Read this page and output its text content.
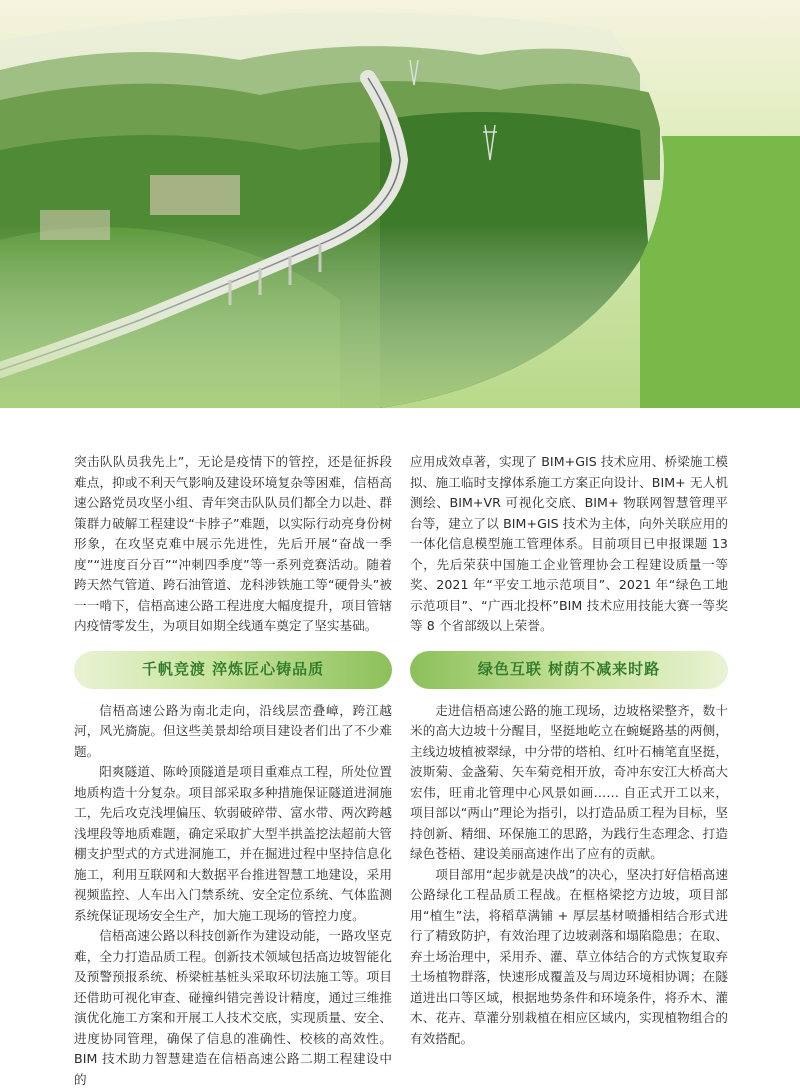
突击队队员我先上”，无论是疫情下的管控，还是征拆段难点，抑或不利天气影响及建设环境复杂等困难，信梧高速公路党员攻坚小组、青年突击队队员们都全力以赴、群策群力破解工程建设“卡脖子”难题，以实际行动亮身份树形象，在攻坚克难中展示先进性，先后开展“奋战一季度”“进度百分百”“冲刺四季度”等一系列竞赛活动。随着跨天然气管道、跨石油管道、龙科涉铁施工等“硬骨头”被一一啃下，信梧高速公路工程进度大幅度提升，项目管辖内疫情零发生，为项目如期全线通车奠定了坚实基础。

千帆竞渡 淬炼匠心铸品质

信梧高速公路为南北走向，沿线层峦叠嶂，跨江越河，风光旖旎。但这些美景却给项目建设者们出了不少难题。

阳爽隧道、陈岭顶隧道是项目重难点工程，所处位置地质构造十分复杂。项目部采取多种措施保证隧道进洞施工，先后攻克浅埋偏压、软弱破碎带、富水带、两次跨越浅埋段等地质难题，确定采取扩大型半拱盖挖法超前大管棚支护型式的方式进洞施工，并在掘进过程中坚持信息化施工，利用互联网和大数据平台推进智慧工地建设，采用视频监控、人车出入门禁系统、安全定位系统、气体监测系统保证现场安全生产，加大施工现场的管控力度。

信梧高速公路以科技创新作为建设动能，一路攻坚克难，全力打造品质工程。创新技术领域包括高边坡智能化及预警预报系统、桥梁桩基桩头采取环切法施工等。项目还借助可视化审查、碰撞纠错完善设计精度，通过三维推演优化施工方案和开展工人技术交底，实现质量、安全、进度协同管理，确保了信息的准确性、校核的高效性。BIM 技术助力智慧建造在信梧高速公路二期工程建设中的

应用成效卓著，实现了 BIM+GIS 技术应用、桥梁施工模拟、施工临时支撑体系施工方案正向设计、BIM+ 无人机测绘、BIM+VR 可视化交底、BIM+ 物联网智慧管理平台等，建立了以 BIM+GIS 技术为主体，向外关联应用的一体化信息模型施工管理体系。目前项目已申报课题 13 个，先后荣获中国施工企业管理协会工程建设质量一等奖、2021 年“平安工地示范项目”、2021 年“绿色工地示范项目”、“广西北投杯”BIM 技术应用技能大赛一等奖等 8 个省部级以上荣誉。

绿色互联 树荫不减来时路

走进信梧高速公路的施工现场，边坡格梁整齐，数十米的高大边坡十分醒目，坚挺地屹立在蜿蜒路基的两侧，主线边坡植被翠绿，中分带的塔柏、红叶石楠笔直坚挺，波斯菊、金盏菊、矢车菊竞相开放，奇冲东安江大桥高大宏伟，旺甫北管理中心风景如画…… 自正式开工以来，项目部以“两山”理论为指引，以打造品质工程为目标，坚持创新、精细、环保施工的思路，为践行生态理念、打造绿色苍梧、建设美丽高速作出了应有的贡献。

项目部用“起步就是决战”的决心，坚决打好信梧高速公路绿化工程品质工程战。在框格梁挖方边坡，项目部用“植生”法，将稻草满铺 + 厚层基材喷播相结合形式进行了精致防护，有效治理了边坡剥落和塌陷隐患；在取、弃土场治理中，采用乔、灌、草立体结合的方式恢复取弃土场植物群落，快速形成覆盖及与周边环境相协调；在隧道进出口等区域，根据地势条件和环境条件，将乔木、灌木、花卉、草灌分别栽植在相应区域内，实现植物组合的有效搭配。
